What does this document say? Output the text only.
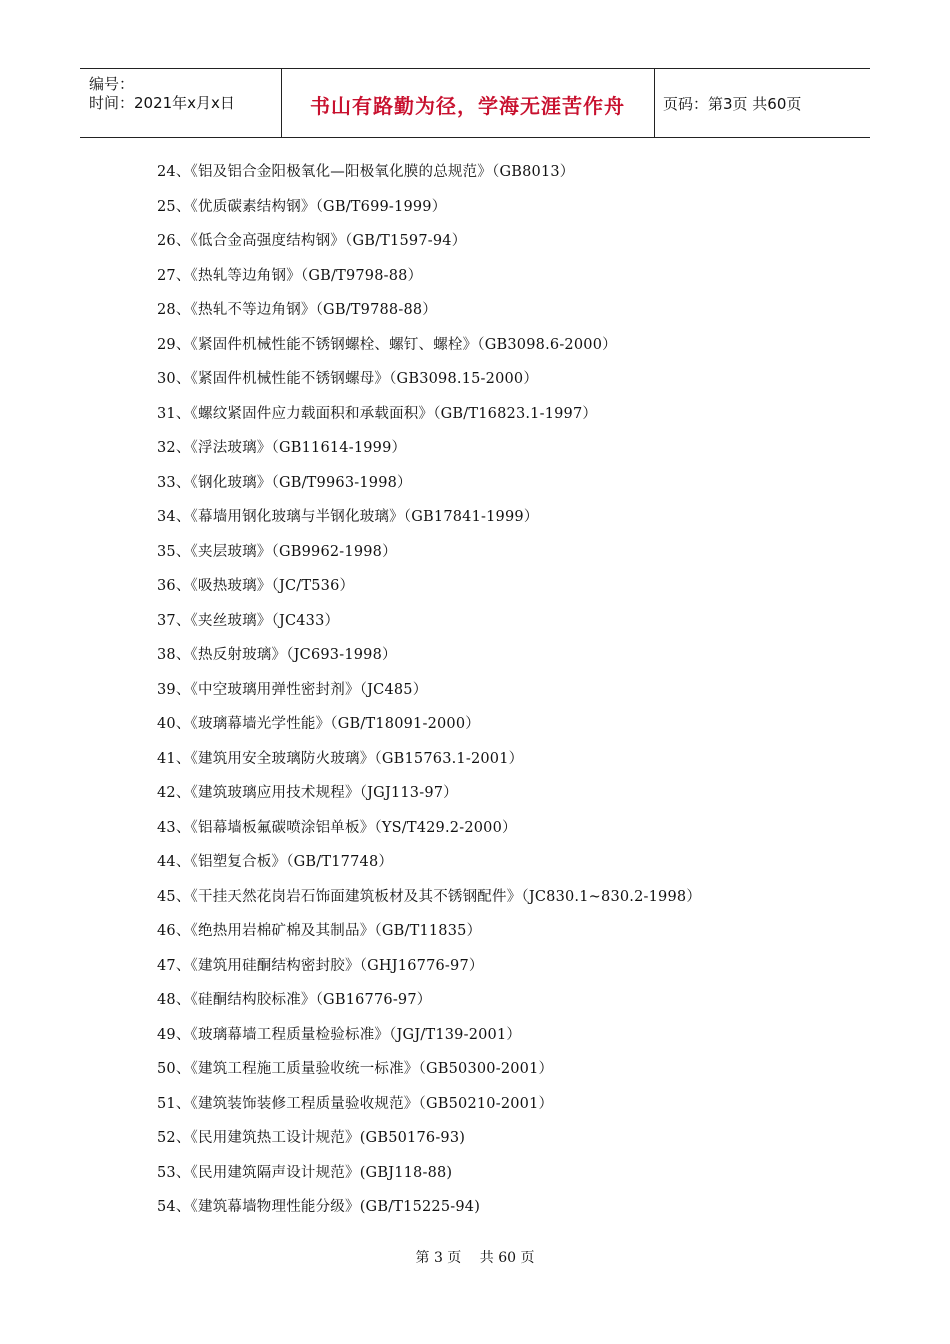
编号：
时间：2021年x月x日	书山有路勤为径，学海无涯苦作舟	页码：第3页 共60页
24、《铝及铝合金阳极氧化—阳极氧化膜的总规范》（GB8013）
25、《优质碳素结构钢》（GB/T699-1999）
26、《低合金高强度结构钢》（GB/T1597-94）
27、《热轧等边角钢》（GB/T9798-88）
28、《热轧不等边角钢》（GB/T9788-88）
29、《紧固件机械性能不锈钢螺栓、螺钉、螺栓》（GB3098.6-2000）
30、《紧固件机械性能不锈钢螺母》（GB3098.15-2000）
31、《螺纹紧固件应力载面积和承载面积》（GB/T16823.1-1997）
32、《浮法玻璃》（GB11614-1999）
33、《钢化玻璃》（GB/T9963-1998）
34、《幕墙用钢化玻璃与半钢化玻璃》（GB17841-1999）
35、《夹层玻璃》（GB9962-1998）
36、《吸热玻璃》（JC/T536）
37、《夹丝玻璃》（JC433）
38、《热反射玻璃》（JC693-1998）
39、《中空玻璃用弹性密封剂》（JC485）
40、《玻璃幕墙光学性能》（GB/T18091-2000）
41、《建筑用安全玻璃防火玻璃》（GB15763.1-2001）
42、《建筑玻璃应用技术规程》（JGJ113-97）
43、《铝幕墙板氟碳喷涂铝单板》（YS/T429.2-2000）
44、《铝塑复合板》（GB/T17748）
45、《干挂天然花岗岩石饰面建筑板材及其不锈钢配件》（JC830.1~830.2-1998）
46、《绝热用岩棉矿棉及其制品》（GB/T11835）
47、《建筑用硅酮结构密封胶》（GHJ16776-97）
48、《硅酮结构胶标准》（GB16776-97）
49、《玻璃幕墙工程质量检验标准》（JGJ/T139-2001）
50、《建筑工程施工质量验收统一标准》（GB50300-2001）
51、《建筑装饰装修工程质量验收规范》（GB50210-2001）
52、《民用建筑热工设计规范》(GB50176-93)
53、《民用建筑隔声设计规范》(GBJ118-88)
54、《建筑幕墙物理性能分级》(GB/T15225-94)
第 3 页 共 60 页
